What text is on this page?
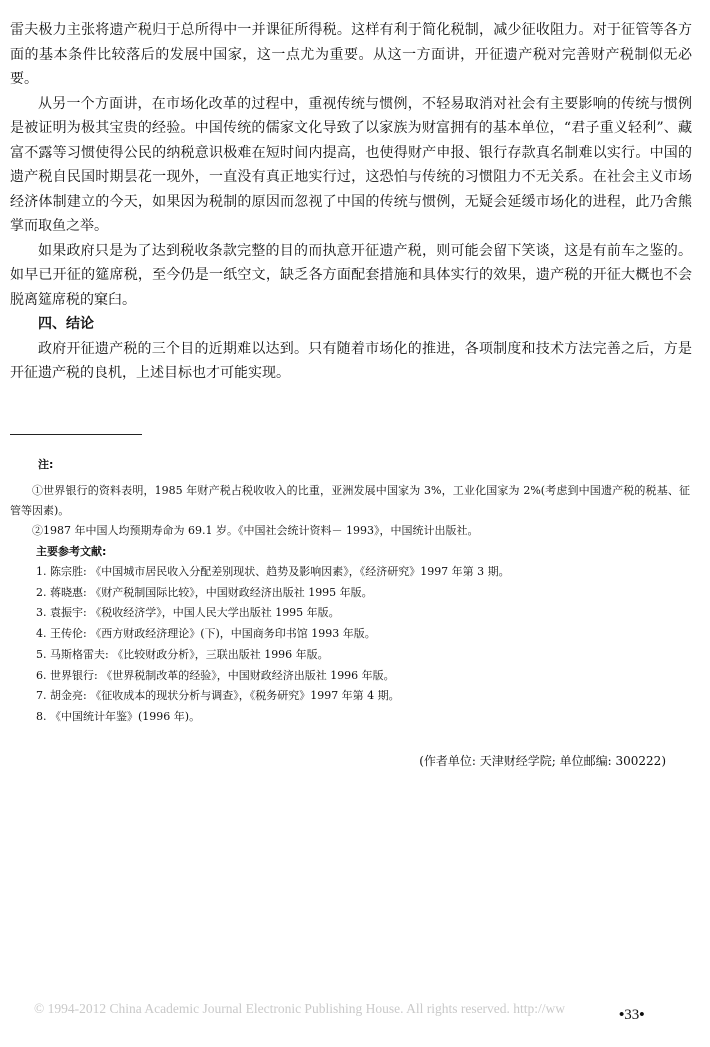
雷夫极力主张将遗产税归于总所得中一并课征所得税。这样有利于简化税制，减少征收阻力。对于征管等各方面的基本条件比较落后的发展中国家，这一点尤为重要。从这一方面讲，开征遗产税对完善财产税制似无必要。

从另一个方面讲，在市场化改革的过程中，重视传统与惯例，不轻易取消对社会有主要影响的传统与惯例是被证明为极其宝贵的经验。中国传统的儒家文化导致了以家族为财富拥有的基本单位，“君子重义轻利”、藏富不露等习惯使得公民的纳税意识极难在短时间内提高，也使得财产申报、银行存款真名制难以实行。中国的遗产税自民国时期昙花一现外，一直没有真正地实行过，这恐怕与传统的习惯阻力不无关系。在社会主义市场经济体制建立的今天，如果因为税制的原因而忽视了中国的传统与惯例，无疑会延缓市场化的进程，此乃舍熊掌而取鱼之举。

如果政府只是为了达到税收条款完整的目的而执意开征遗产税，则可能会留下笑谈，这是有前车之鉴的。如早已开征的筵席税，至今仍是一纸空文，缺乏各方面配套措施和具体实行的效果，遗产税的开征大概也不会脱离筵席税的窠臼。

四、结论

政府开征遗产税的三个目的近期难以达到。只有随着市场化的推进，各项制度和技术方法完善之后，方是开征遗产税的良机，上述目标也才可能实现。

注:

①世界银行的资料表明，1985 年财产税占税收收入的比重，亚洲发展中国家为 3%，工业化国家为 2%(考虑到中国遗产税的税基、征管等因素)。

②1987 年中国人均预期寿命为 69.1 岁。《中国社会统计资料－ 1993》，中国统计出版社。

主要参考文献:

1. 陈宗胜: 《中国城市居民收入分配差别现状、趋势及影响因素》，《经济研究》1997 年第 3 期。
2. 蒋晓惠: 《财产税制国际比较》，中国财政经济出版社 1995 年版。
3. 袁振宇: 《税收经济学》，中国人民大学出版社 1995 年版。
4. 王传伦: 《西方财政经济理论》(下)，中国商务印书馆 1993 年版。
5. 马斯格雷夫: 《比较财政分析》，三联出版社 1996 年版。
6. 世界银行: 《世界税制改革的经验》，中国财政经济出版社 1996 年版。
7. 胡金亮: 《征收成本的现状分析与调查》，《税务研究》1997 年第 4 期。
8. 《中国统计年鉴》(1996 年)。
(作者单位: 天津财经学院; 单位邮编: 300222)
© 1994-2012 China Academic Journal Electronic Publishing House. All rights reserved. http://ww	•33•
